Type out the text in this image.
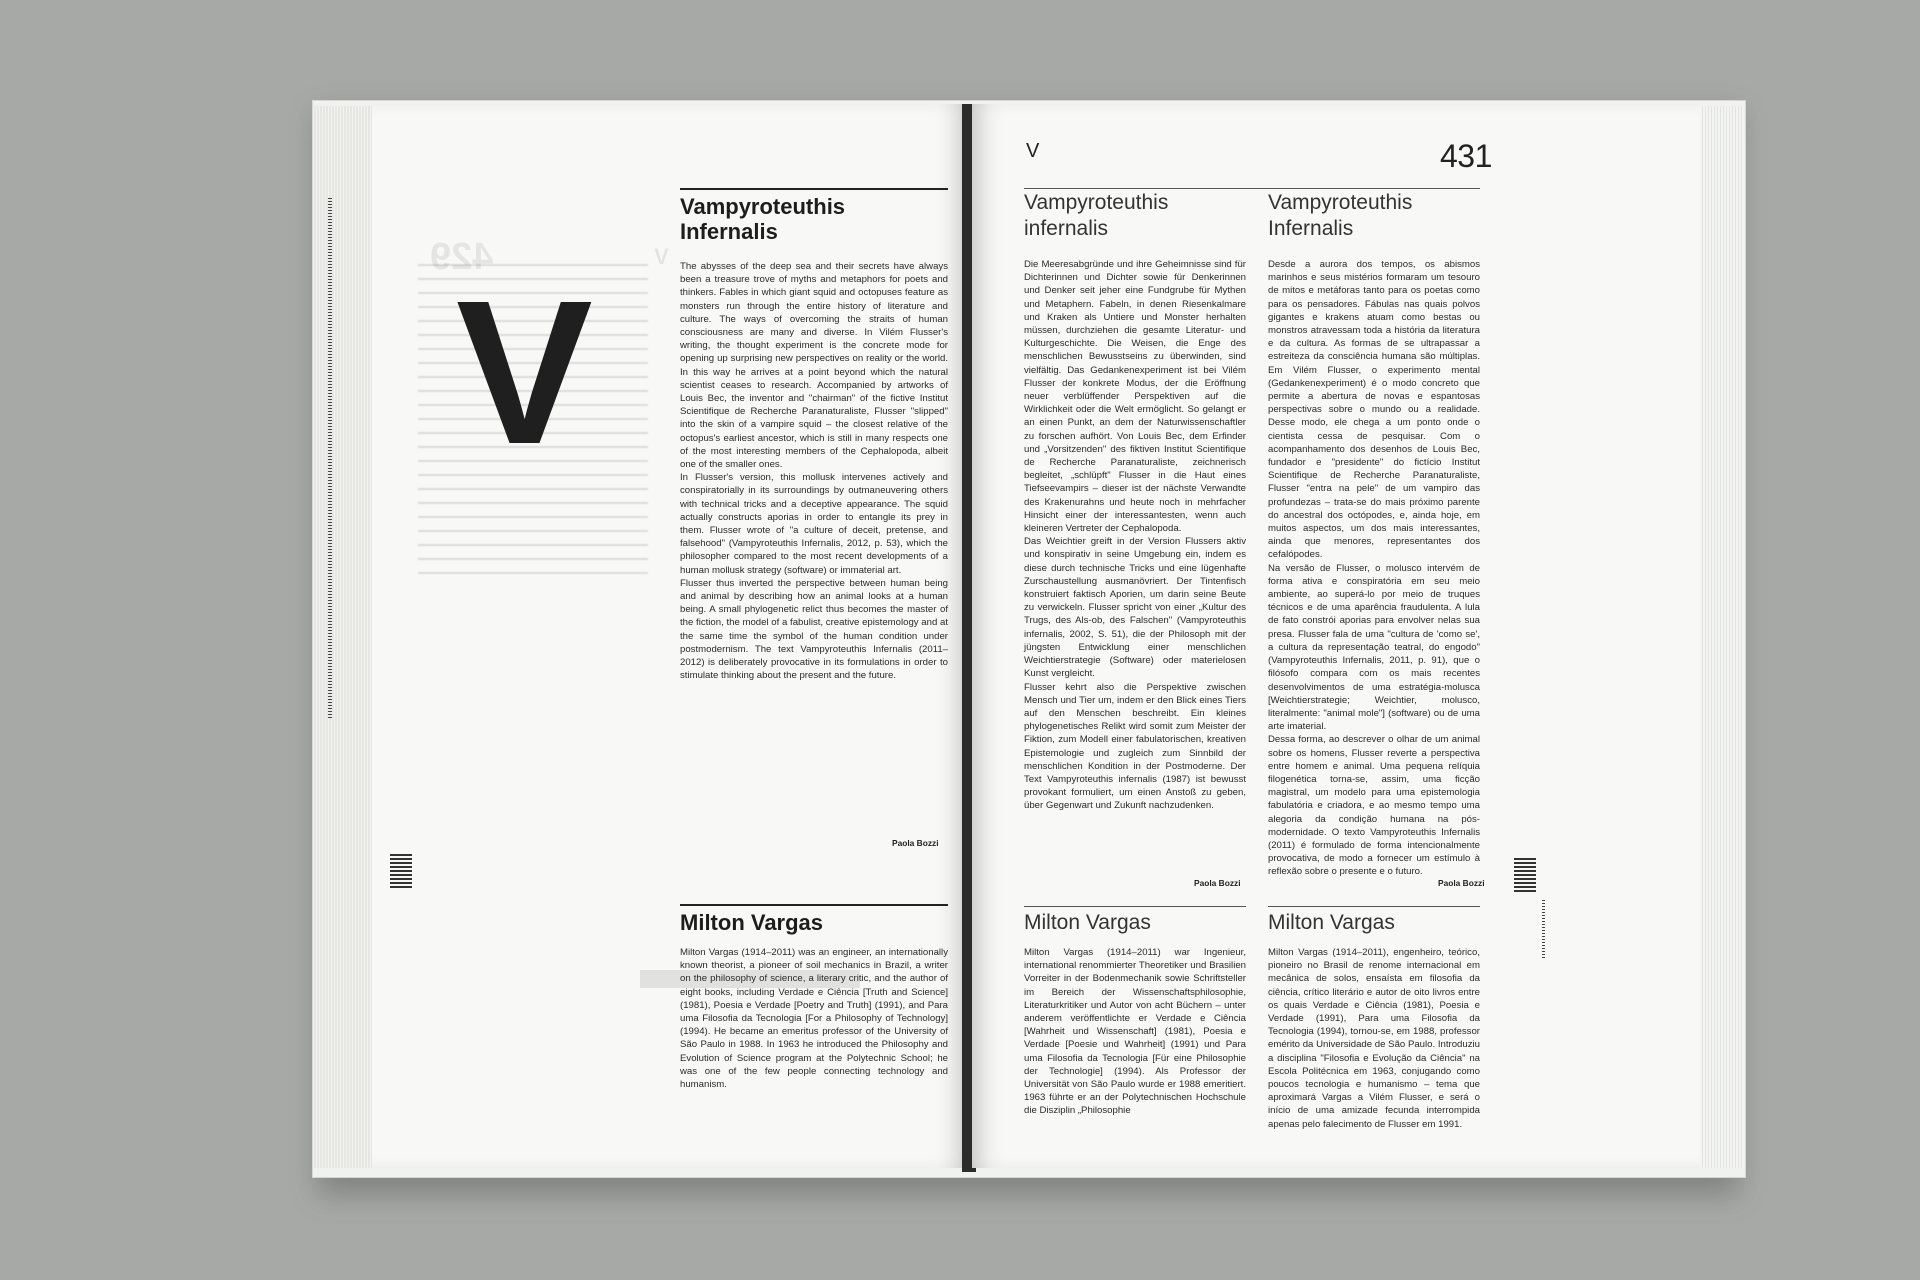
429	V
V
Vampyroteuthis
Infernalis

The abysses of the deep sea and their secrets have always been a treasure trove of myths and metaphors for poets and thinkers. Fables in which giant squid and octopuses feature as monsters run through the entire history of literature and culture. The ways of overcoming the straits of human consciousness are many and diverse. In Vilém Flusser's writing, the thought experiment is the concrete mode for opening up surprising new perspectives on reality or the world. In this way he arrives at a point beyond which the natural scientist ceases to research. Accompanied by artworks of Louis Bec, the inventor and "chairman" of the fictive Institut Scientifique de Recherche Paranaturaliste, Flusser "slipped" into the skin of a vampire squid – the closest relative of the octopus's earliest ancestor, which is still in many respects one of the most interesting members of the Cephalopoda, albeit one of the smaller ones.

In Flusser's version, this mollusk intervenes actively and conspiratorially in its surroundings by outmaneuvering others with technical tricks and a deceptive appearance. The squid actually constructs aporias in order to entangle its prey in them. Flusser wrote of "a culture of deceit, pretense, and falsehood" (Vampyroteuthis Infernalis, 2012, p. 53), which the philosopher compared to the most recent developments of a human mollusk strategy (software) or immaterial art.

Flusser thus inverted the perspective between human being and animal by describing how an animal looks at a human being. A small phylogenetic relict thus becomes the master of the fiction, the model of a fabulist, creative epistemology and at the same time the symbol of the human condition under postmodernism. The text Vampyroteuthis Infernalis (2011–2012) is deliberately provocative in its formulations in order to stimulate thinking about the present and the future.

Paola Bozzi
Milton Vargas

Milton Vargas (1914–2011) was an engineer, an internationally known theorist, a pioneer of soil mechanics in Brazil, a writer on the philosophy of science, a literary critic, and the author of eight books, including Verdade e Ciência [Truth and Science] (1981), Poesia e Verdade [Poetry and Truth] (1991), and Para uma Filosofia da Tecnologia [For a Philosophy of Technology] (1994). He became an emeritus professor of the University of São Paulo in 1988. In 1963 he introduced the Philosophy and Evolution of Science program at the Polytechnic School; he was one of the few people connecting technology and humanism.

V	431
Vampyroteuthis
infernalis

Die Meeresabgründe und ihre Geheimnisse sind für Dichterinnen und Dichter sowie für Denkerinnen und Denker seit jeher eine Fundgrube für Mythen und Metaphern. Fabeln, in denen Riesenkalmare und Kraken als Untiere und Monster herhalten müssen, durchziehen die gesamte Literatur- und Kulturgeschichte. Die Weisen, die Enge des menschlichen Bewusstseins zu überwinden, sind vielfältig. Das Gedankenexperiment ist bei Vilém Flusser der konkrete Modus, der die Eröffnung neuer verblüffender Perspektiven auf die Wirklichkeit oder die Welt ermöglicht. So gelangt er an einen Punkt, an dem der Naturwissenschaftler zu forschen aufhört. Von Louis Bec, dem Erfinder und „Vorsitzenden" des fiktiven Institut Scientifique de Recherche Paranaturaliste, zeichnerisch begleitet, „schlüpft" Flusser in die Haut eines Tiefseevampirs – dieser ist der nächste Verwandte des Krakenurahns und heute noch in mehrfacher Hinsicht einer der interessantesten, wenn auch kleineren Vertreter der Cephalopoda.

Das Weichtier greift in der Version Flussers aktiv und konspirativ in seine Umgebung ein, indem es diese durch technische Tricks und eine lügenhafte Zurschaustellung ausmanövriert. Der Tintenfisch konstruiert faktisch Aporien, um darin seine Beute zu verwickeln. Flusser spricht von einer „Kultur des Trugs, des Als-ob, des Falschen" (Vampyroteuthis infernalis, 2002, S. 51), die der Philosoph mit der jüngsten Entwicklung einer menschlichen Weichtierstrategie (Software) oder materielosen Kunst vergleicht.

Flusser kehrt also die Perspektive zwischen Mensch und Tier um, indem er den Blick eines Tiers auf den Menschen beschreibt. Ein kleines phylogenetisches Relikt wird somit zum Meister der Fiktion, zum Modell einer fabulatorischen, kreativen Epistemologie und zugleich zum Sinnbild der menschlichen Kondition in der Postmoderne. Der Text Vampyroteuthis infernalis (1987) ist bewusst provokant formuliert, um einen Anstoß zu geben, über Gegenwart und Zukunft nachzudenken.

Paola Bozzi
Milton Vargas

Milton Vargas (1914–2011) war Ingenieur, international renommierter Theoretiker und Brasilien Vorreiter in der Bodenmechanik sowie Schriftsteller im Bereich der Wissenschaftsphilosophie, Literaturkritiker und Autor von acht Büchern – unter anderem veröffentlichte er Verdade e Ciência [Wahrheit und Wissenschaft] (1981), Poesia e Verdade [Poesie und Wahrheit] (1991) und Para uma Filosofia da Tecnologia [Für eine Philosophie der Technologie] (1994). Als Professor der Universität von São Paulo wurde er 1988 emeritiert. 1963 führte er an der Polytechnischen Hochschule die Disziplin „Philosophie

Vampyroteuthis
Infernalis

Desde a aurora dos tempos, os abismos marinhos e seus mistérios formaram um tesouro de mitos e metáforas tanto para os poetas como para os pensadores. Fábulas nas quais polvos gigantes e krakens atuam como bestas ou monstros atravessam toda a história da literatura e da cultura. As formas de se ultrapassar a estreiteza da consciência humana são múltiplas. Em Vilém Flusser, o experimento mental (Gedankenexperiment) é o modo concreto que permite a abertura de novas e espantosas perspectivas sobre o mundo ou a realidade. Desse modo, ele chega a um ponto onde o cientista cessa de pesquisar. Com o acompanhamento dos desenhos de Louis Bec, fundador e "presidente" do fictício Institut Scientifique de Recherche Paranaturaliste, Flusser "entra na pele" de um vampiro das profundezas – trata-se do mais próximo parente do ancestral dos octópodes, e, ainda hoje, em muitos aspectos, um dos mais interessantes, ainda que menores, representantes dos cefalópodes.

Na versão de Flusser, o molusco intervém de forma ativa e conspiratória em seu meio ambiente, ao superá-lo por meio de truques técnicos e de uma aparência fraudulenta. A lula de fato constrói aporias para envolver nelas sua presa. Flusser fala de uma "cultura de 'como se', a cultura da representação teatral, do engodo" (Vampyroteuthis Infernalis, 2011, p. 91), que o filósofo compara com os mais recentes desenvolvimentos de uma estratégia-molusca [Weichtierstrategie; Weichtier, molusco, literalmente: "animal mole"] (software) ou de uma arte imaterial.

Dessa forma, ao descrever o olhar de um animal sobre os homens, Flusser reverte a perspectiva entre homem e animal. Uma pequena relíquia filogenética torna-se, assim, uma ficção magistral, um modelo para uma epistemologia fabulatória e criadora, e ao mesmo tempo uma alegoria da condição humana na pós-modernidade. O texto Vampyroteuthis Infernalis (2011) é formulado de forma intencionalmente provocativa, de modo a fornecer um estímulo à reflexão sobre o presente e o futuro.

Paola Bozzi
Milton Vargas

Milton Vargas (1914–2011), engenheiro, teórico, pioneiro no Brasil de renome internacional em mecânica de solos, ensaísta em filosofia da ciência, crítico literário e autor de oito livros entre os quais Verdade e Ciência (1981), Poesia e Verdade (1991), Para uma Filosofia da Tecnologia (1994), tornou-se, em 1988, professor emérito da Universidade de São Paulo. Introduziu a disciplina "Filosofia e Evolução da Ciência" na Escola Politécnica em 1963, conjugando como poucos tecnologia e humanismo – tema que aproximará Vargas a Vilém Flusser, e será o início de uma amizade fecunda interrompida apenas pelo falecimento de Flusser em 1991.
